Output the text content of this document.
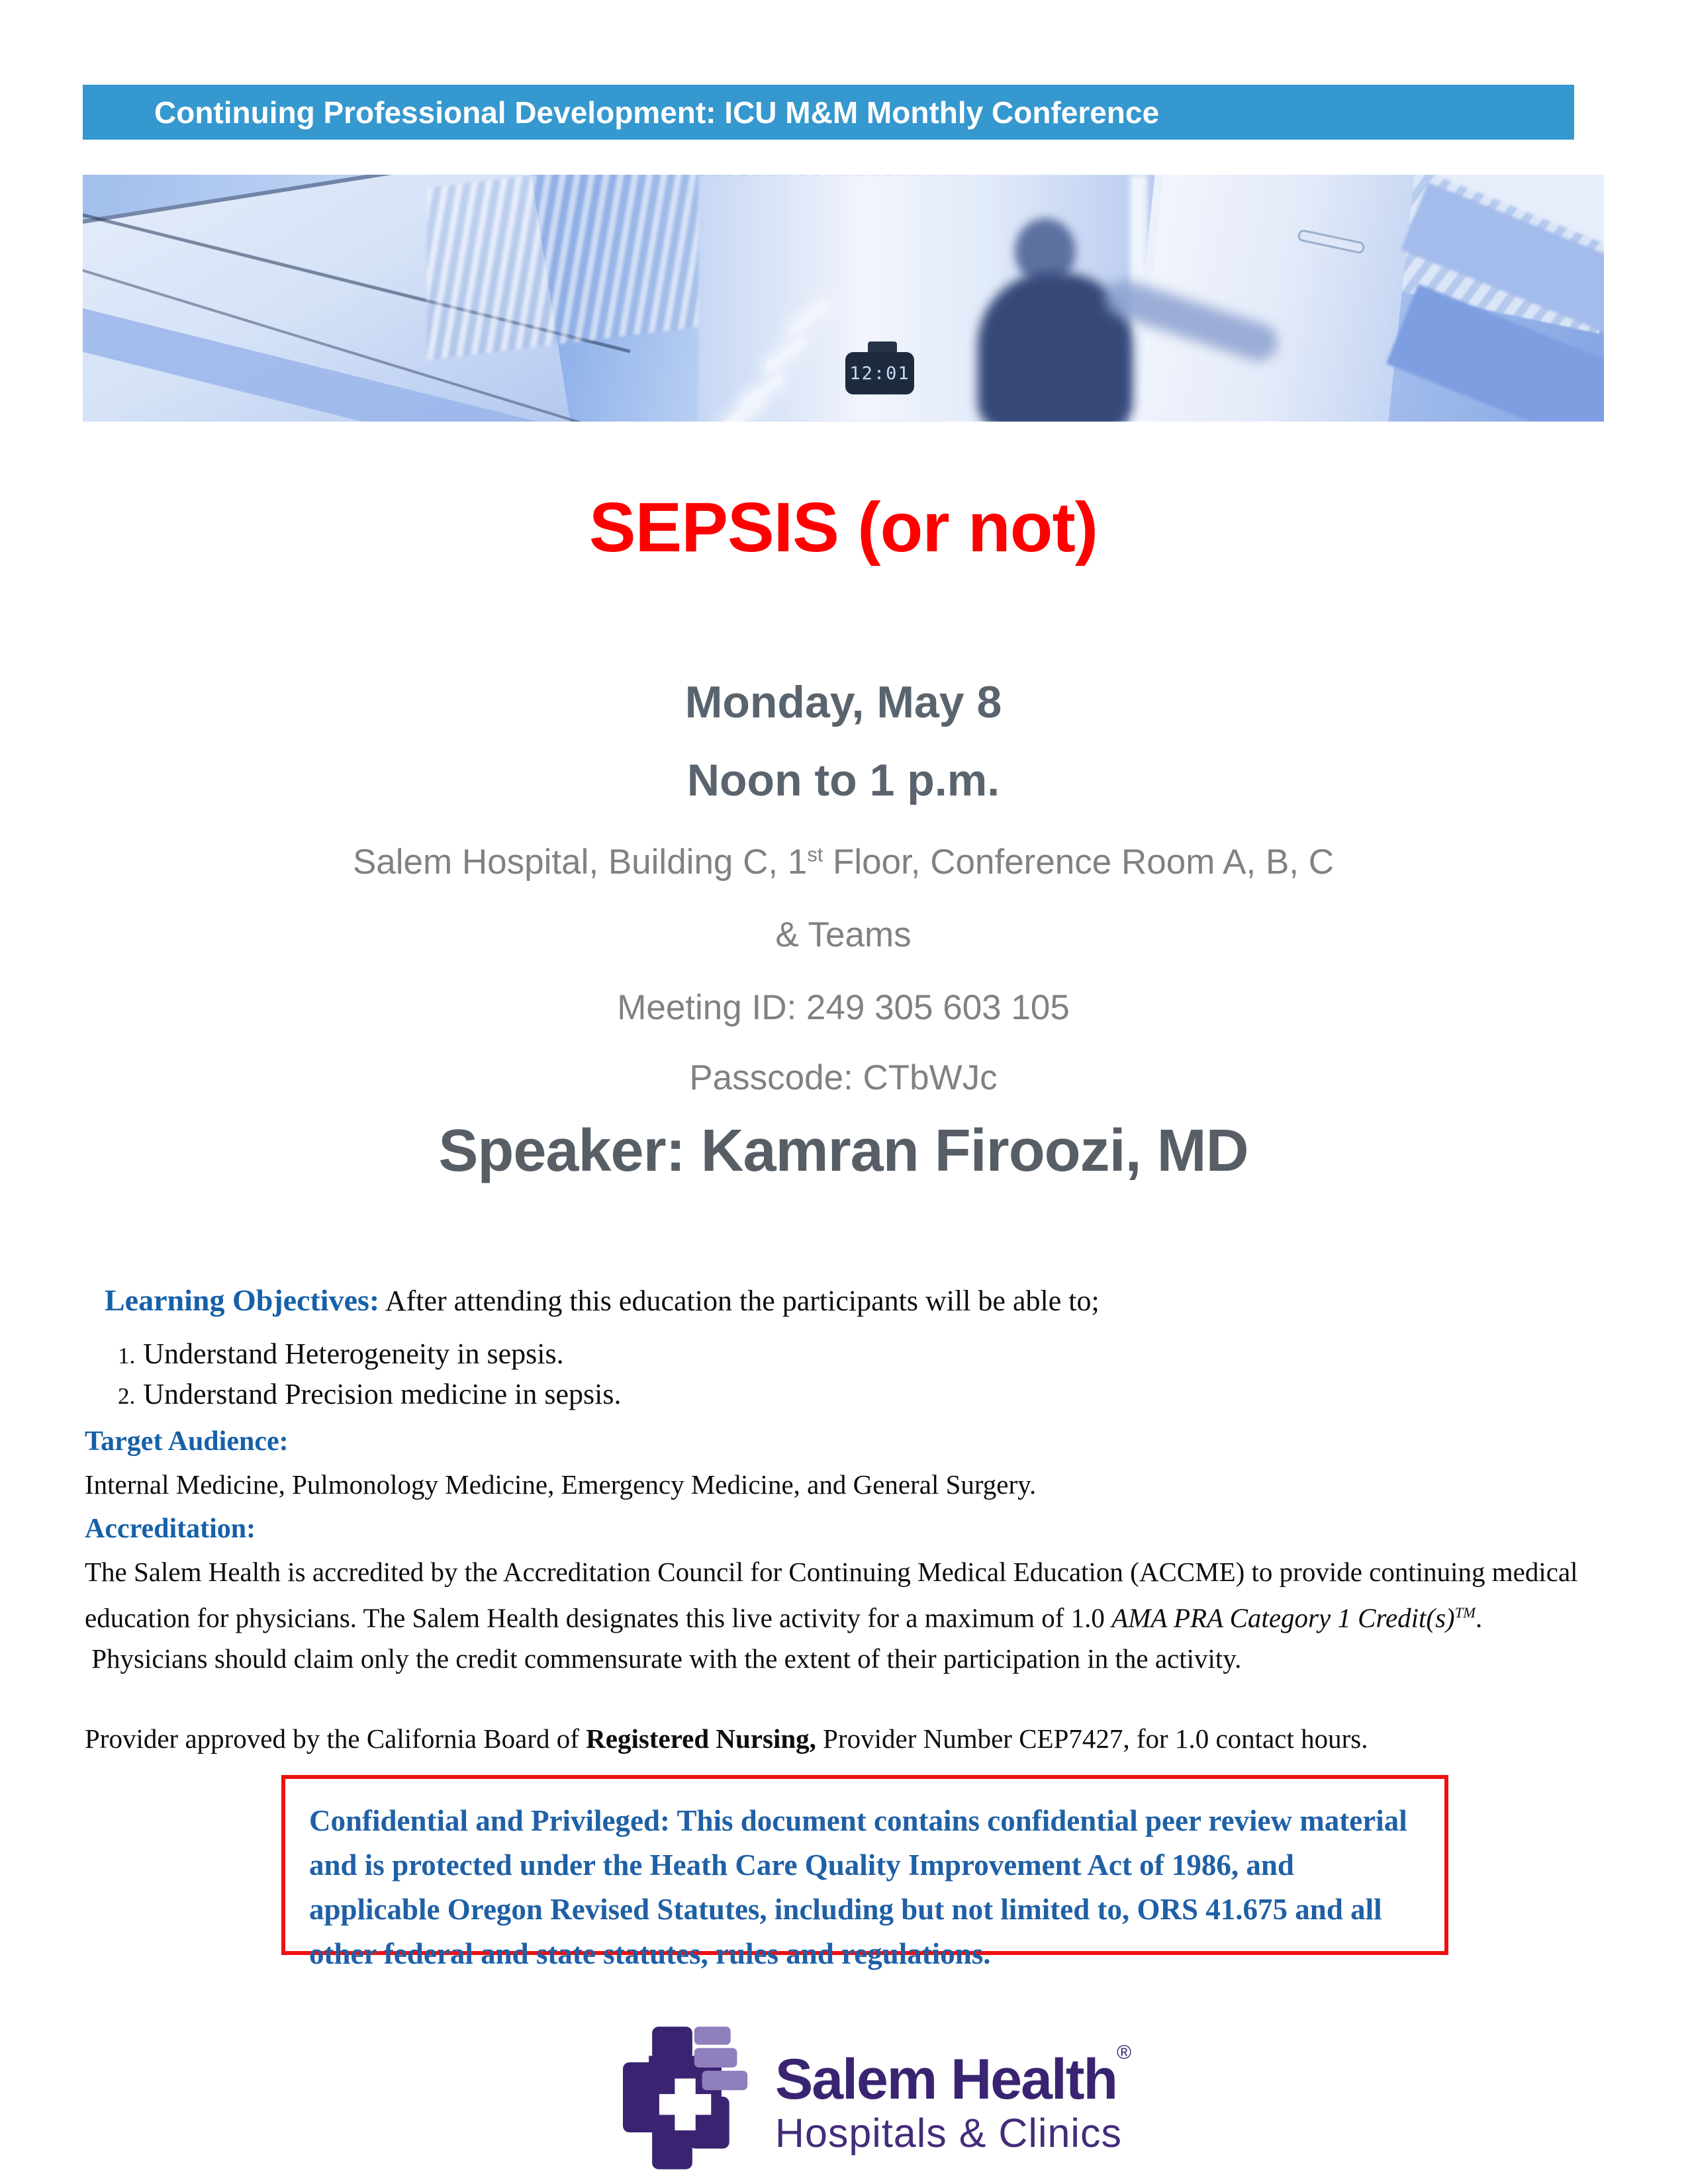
Continuing Professional Development: ICU M&M Monthly Conference
12:01
SEPSIS (or not)
Monday, May 8
Noon to 1 p.m.
Salem Hospital, Building C, 1st Floor, Conference Room A, B, C
& Teams
Meeting ID: 249 305 603 105
Passcode: CTbWJc
Speaker: Kamran Firoozi, MD

Learning Objectives: After attending this education the participants will be able to;

1. Understand Heterogeneity in sepsis.
2. Understand Precision medicine in sepsis.

Target Audience:

Internal Medicine, Pulmonology Medicine, Emergency Medicine, and General Surgery.

Accreditation:

The Salem Health is accredited by the Accreditation Council for Continuing Medical Education (ACCME) to provide continuing medical education for physicians. The Salem Health designates this live activity for a maximum of 1.0 AMA PRA Category 1 Credit(s)™.  Physicians should claim only the credit commensurate with the extent of their participation in the activity.

Provider approved by the California Board of Registered Nursing, Provider Number CEP7427, for 1.0 contact hours.

Confidential and Privileged: This document contains confidential peer review material and is protected under the Heath Care Quality Improvement Act of 1986, and applicable Oregon Revised Statutes, including but not limited to, ORS 41.675 and all other federal and state statutes, rules and regulations.

Salem Health®
Hospitals & Clinics
